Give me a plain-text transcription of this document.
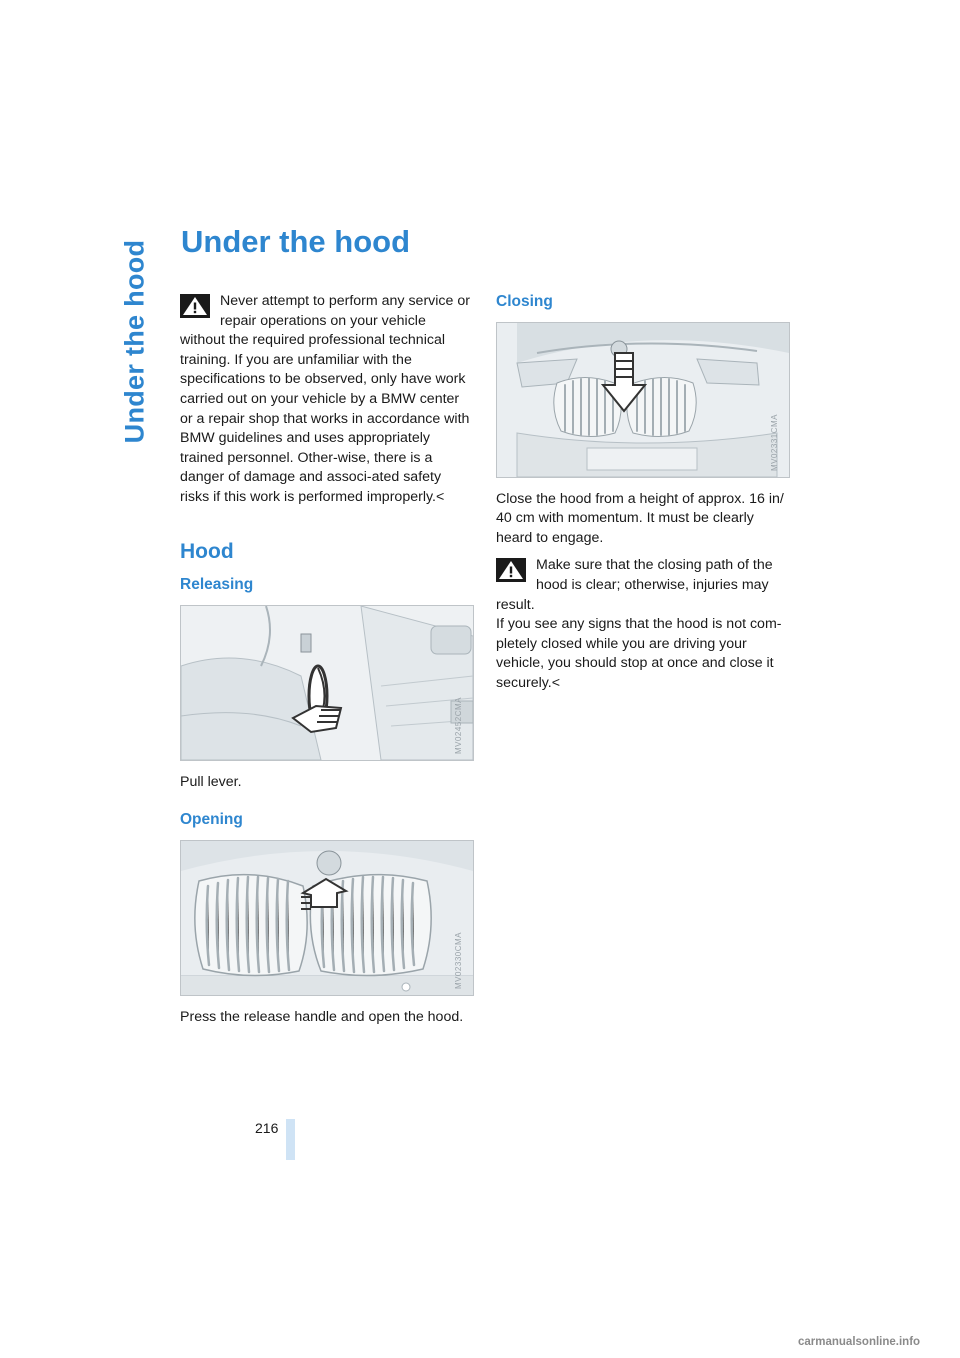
Under the hood Under the hood

Never attempt to perform any service or repair operations on your vehicle without the required professional technical training. If you are unfamiliar with the specifications to be observed, only have work carried out on your vehicle by a BMW center or a repair shop that works in accordance with BMW guidelines and uses appropriately trained personnel. Other-wise, there is a danger of damage and associ-ated safety risks if this work is performed improperly.<

Hood
Releasing
MV02452CMA

Pull lever.

Opening
MV02330CMA

Press the release handle and open the hood.

Closing
MV02331CMA

Close the hood from a height of approx. 16 in/ 40 cm with momentum. It must be clearly heard to engage.

Make sure that the closing path of the hood is clear; otherwise, injuries may result.

If you see any signs that the hood is not com-pletely closed while you are driving your vehicle, you should stop at once and close it securely.<

216
carmanualsonline.info
